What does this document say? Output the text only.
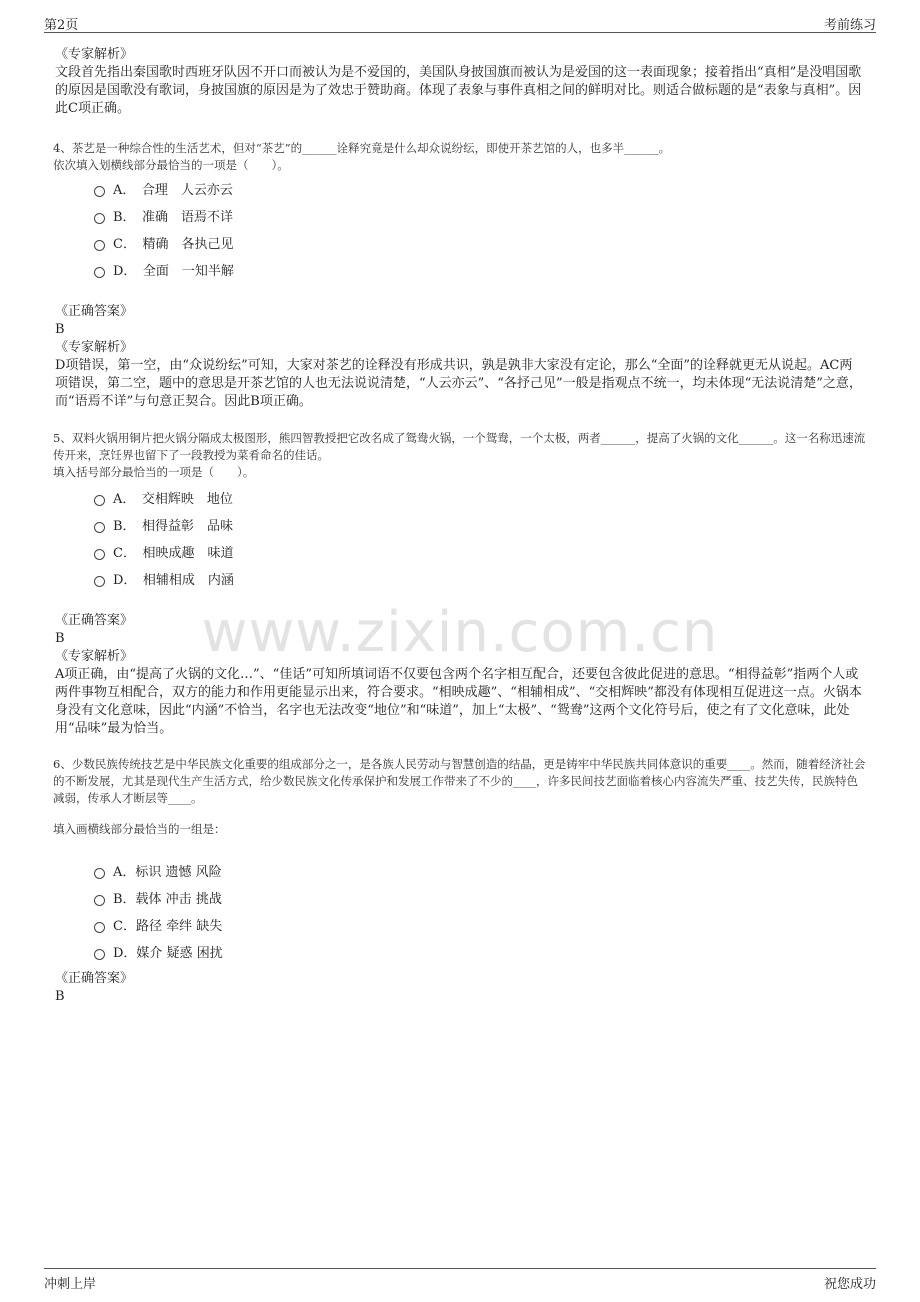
第2页	考前练习
www.zixin.com.cn
《专家解析》

文段首先指出秦国歌时西班牙队因不开口而被认为是不爱国的，美国队身披国旗而被认为是爱国的这一表面现象；接着指出“真相”是没唱国歌的原因是国歌没有歌词，身披国旗的原因是为了效忠于赞助商。体现了表象与事件真相之间的鲜明对比。则适合做标题的是“表象与真相”。因此C项正确。

4、茶艺是一种综合性的生活艺术，但对“茶艺”的______诠释究竟是什么却众说纷纭，即使开茶艺馆的人，也多半______。
依次填入划横线部分最恰当的一项是（　　）。
A．　合理　人云亦云
B．　准确　语焉不详
C．　精确　各执己见
D．　全面　一知半解
《正确答案》
B
《专家解析》

D项错误，第一空，由“众说纷纭”可知，大家对茶艺的诠释没有形成共识，孰是孰非大家没有定论，那么“全面”的诠释就更无从说起。AC两项错误，第二空，题中的意思是开茶艺馆的人也无法说说清楚，“人云亦云”、“各抒己见”一般是指观点不统一，均未体现“无法说清楚”之意，而“语焉不详”与句意正契合。因此B项正确。

5、双料火锅用铜片把火锅分隔成太极图形，熊四智教授把它改名成了鸳鸯火锅，一个鸳鸯，一个太极，两者______，提高了火锅的文化______。这一名称迅速流传开来，烹饪界也留下了一段教授为菜肴命名的佳话。
填入括号部分最恰当的一项是（　　）。
A．　交相辉映　地位
B．　相得益彰　品味
C．　相映成趣　味道
D．　相辅相成　内涵
《正确答案》
B
《专家解析》

A项正确，由“提高了火锅的文化…”、“佳话”可知所填词语不仅要包含两个名字相互配合，还要包含彼此促进的意思。“相得益彰”指两个人或两件事物互相配合，双方的能力和作用更能显示出来，符合要求。“相映成趣”、“相辅相成”、“交相辉映”都没有体现相互促进这一点。火锅本身没有文化意味，因此“内涵”不恰当，名字也无法改变“地位”和“味道”，加上“太极”、“鸳鸯”这两个文化符号后，使之有了文化意味，此处用“品味”最为恰当。

6、少数民族传统技艺是中华民族文化重要的组成部分之一，是各族人民劳动与智慧创造的结晶，更是铸牢中华民族共同体意识的重要____。然而，随着经济社会的不断发展，尤其是现代生产生活方式，给少数民族文化传承保护和发展工作带来了不少的____，许多民间技艺面临着核心内容流失严重、技艺失传，民族特色减弱，传承人才断层等____。
填入画横线部分最恰当的一组是：
A．标识 遗憾 风险
B．载体 冲击 挑战
C．路径 牵绊 缺失
D．媒介 疑惑 困扰
《正确答案》
B
冲刺上岸	祝您成功
